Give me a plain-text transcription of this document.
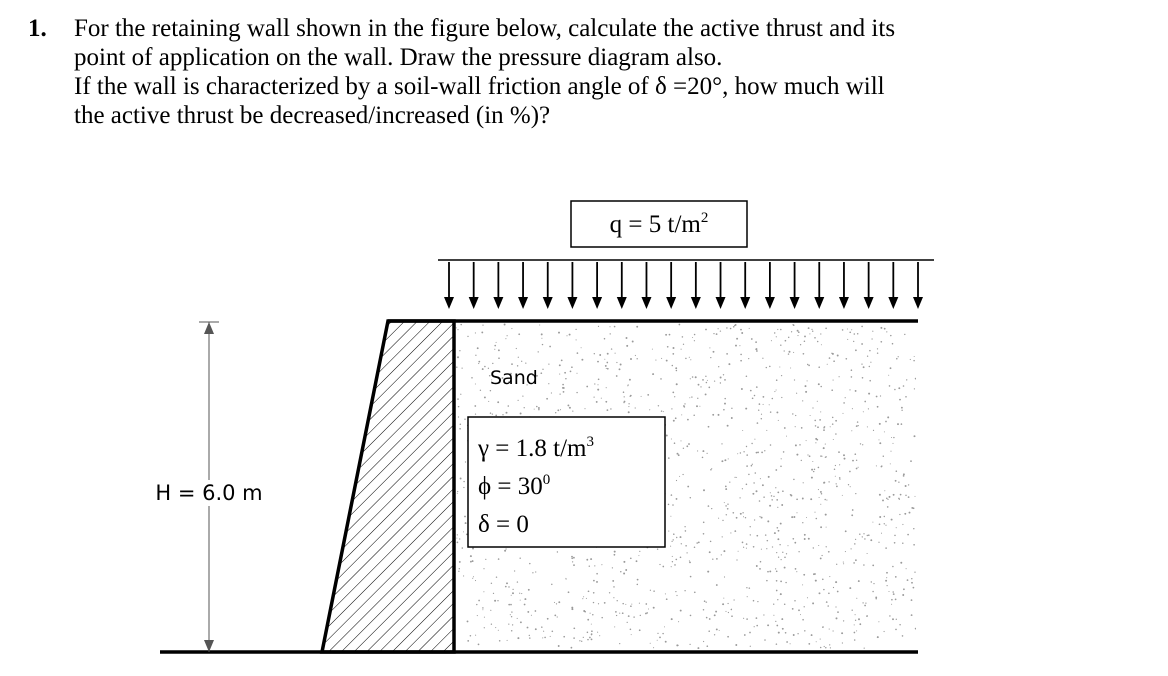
1. For the retaining wall shown in the figure below, calculate the active thrust and its
point of application on the wall. Draw the pressure diagram also.
If the wall is characterized by a soil-wall friction angle of δ =20°, how much will
the active thrust be decreased/increased (in %)?
q = 5 $t/m^2$
H = 6.0 m
Sand
γ = 1.8 $t/m^3$
$\phi = 30^0$
δ = 0
